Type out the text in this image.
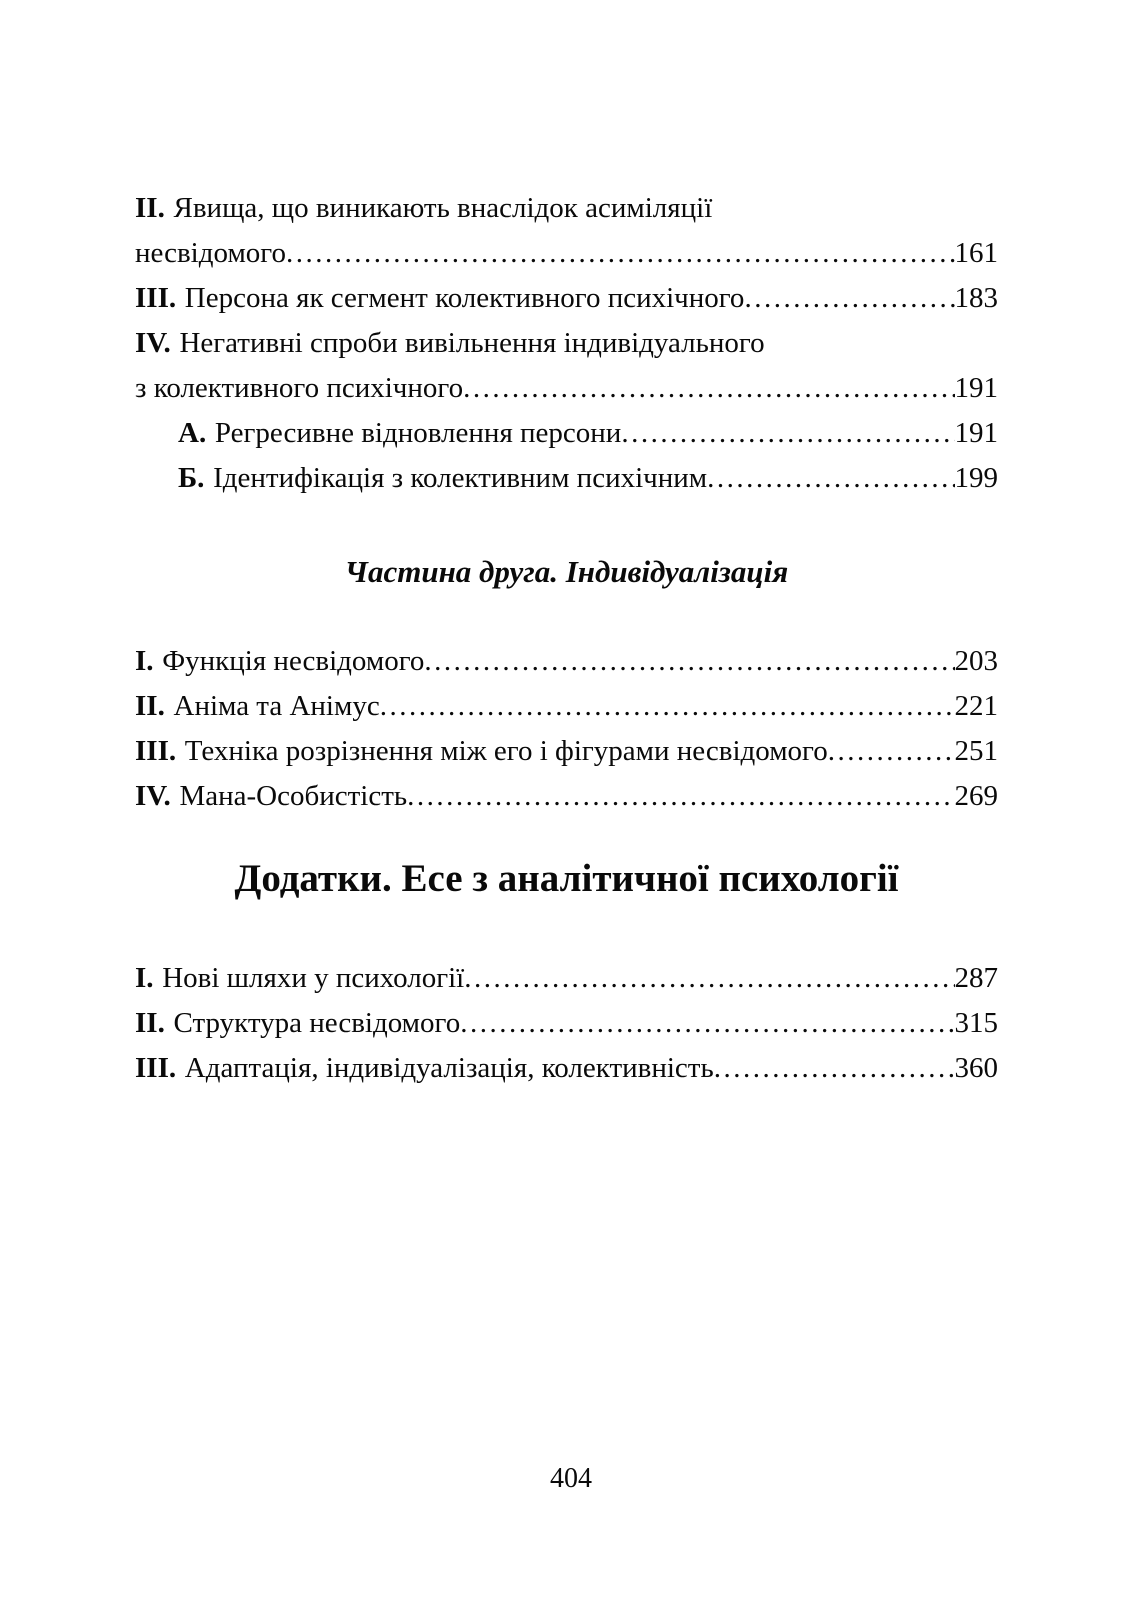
II. Явища, що виникають внаслідок асиміляції
несвідомого .....	161
III. Персона як сегмент колективного психічного .....	183
IV. Негативні спроби вивільнення індивідуального
з колективного психічного .....	191
А. Регресивне відновлення персони .....	191
Б. Ідентифікація з колективним психічним .....	199
Частина друга. Індивідуалізація
I. Функція несвідомого .....	203
II. Аніма та Анімус .....	221
III. Техніка розрізнення між его і фігурами несвідомого .....	251
IV. Мана-Особистість .....	269
Додатки. Есе з аналітичної психології
I. Нові шляхи у психології .....	287
II. Структура несвідомого .....	315
III. Адаптація, індивідуалізація, колективність .....	360
404
